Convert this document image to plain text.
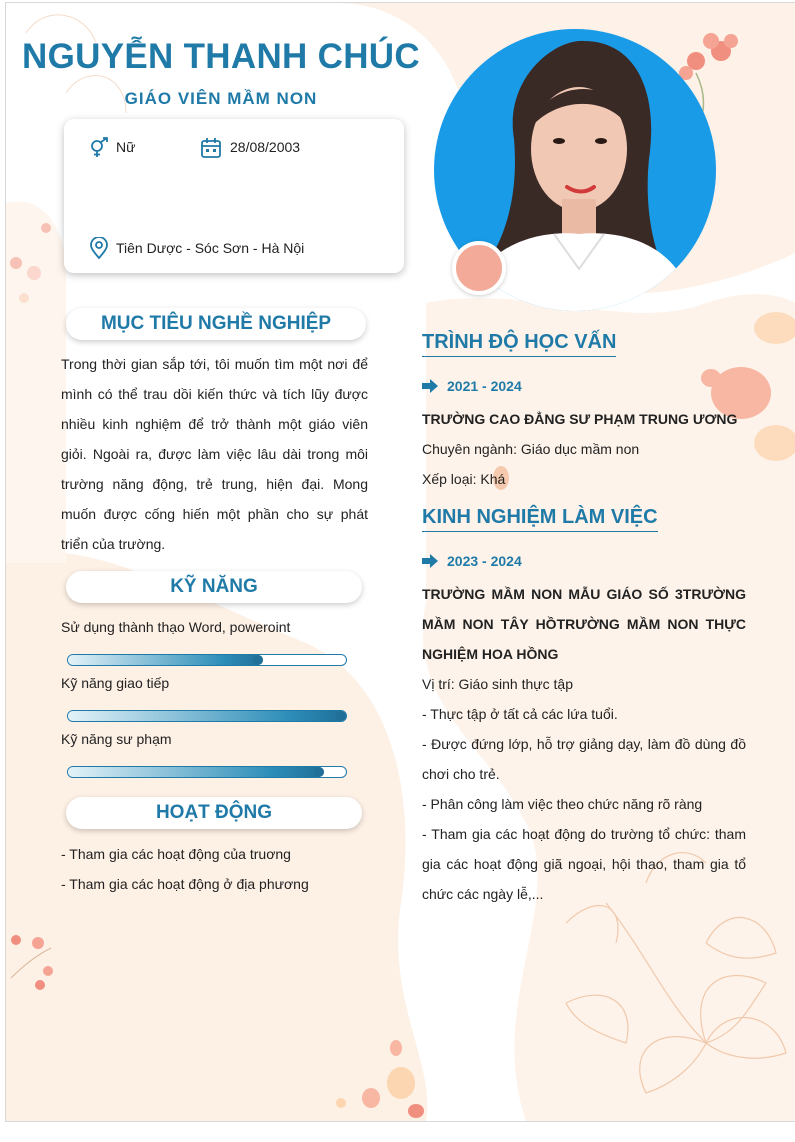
NGUYỄN THANH CHÚC
GIÁO VIÊN MẦM NON
Nữ	28/08/2003
Tiên Dược - Sóc Sơn - Hà Nội
MỤC TIÊU NGHỀ NGHIỆP
Trong thời gian sắp tới, tôi muốn tìm một nơi để mình có thể trau dồi kiến thức và tích lũy được nhiều kinh nghiệm để trở thành một giáo viên giỏi. Ngoài ra, được làm việc lâu dài trong môi trường năng động, trẻ trung, hiện đại. Mong muốn được cống hiến một phần cho sự phát triển của trường.
KỸ NĂNG
Sử dụng thành thạo Word, poweroint
Kỹ năng giao tiếp
Kỹ năng sư phạm
HOẠT ĐỘNG
- Tham gia các hoạt động của truơng
- Tham gia các hoạt động ở địa phương
TRÌNH ĐỘ HỌC VẤN
2021 - 2024
TRƯỜNG CAO ĐẲNG SƯ PHẠM TRUNG ƯƠNG
Chuyên ngành: Giáo dục mầm non
Xếp loại: Khá
KINH NGHIỆM LÀM VIỆC
2023 - 2024
TRƯỜNG MẦM NON MẪU GIÁO SỐ 3TRƯỜNG MẦM NON TÂY HỒTRƯỜNG MẦM NON THỰC NGHIỆM HOA HỒNG
Vị trí: Giáo sinh thực tập
- Thực tập ở tất cả các lứa tuổi.
- Được đứng lớp, hỗ trợ giảng dạy, làm đồ dùng đồ chơi cho trẻ.
- Phân công làm việc theo chức năng rõ ràng
- Tham gia các hoạt động do trường tổ chức: tham gia các hoạt động giã ngoại, hội thao, tham gia tổ chức các ngày lễ,...
